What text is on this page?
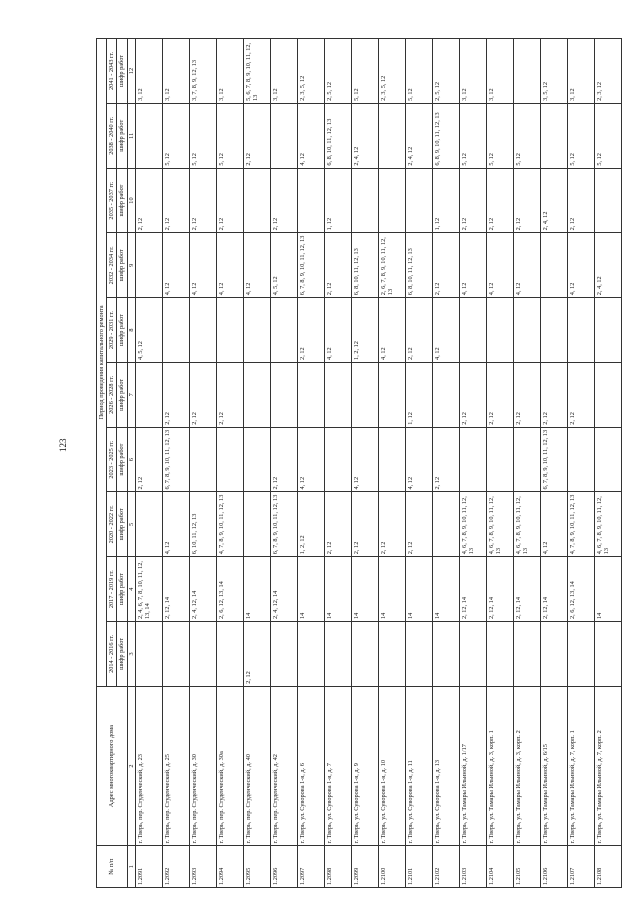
123
№ п/п	Адрес многоквартирного дома	Период проведения капитального ремонта									
		2014 - 2016 гг.	2017 - 2019 гг.	2020 - 2022 гг.	2023 - 2025 гг.	2026 - 2028 гг.	2029 - 2031 гг.	2032 - 2034 гг.	2035 - 2037 гг.	2038 - 2040 гг.	2041 - 2043 гг.
		шифр работ	шифр работ	шифр работ	шифр работ	шифр работ	шифр работ	шифр работ	шифр работ	шифр работ	шифр работ
1	2	3	4	5	6	7	8	9	10	11	12
1.2091	г. Тверь, пер. Студенческий, д. 23		2, 4, 6, 7, 8, 10, 11, 12, 13, 14		2, 12		4, 5, 12		2, 12		3, 12
1.2092	г. Тверь, пер. Студенческий, д. 25		2, 12, 14	4, 12	6, 7, 8, 9, 10, 11, 12, 13	2, 12		4, 12	2, 12	5, 12	3, 12
1.2093	г. Тверь, пер. Студенческий, д. 30		2, 4, 12, 14	6, 10, 11, 12, 13		2, 12		4, 12	2, 12	5, 12	3, 7, 8, 9, 12, 13
1.2094	г. Тверь, пер. Студенческий, д. 30а		2, 6, 12, 13, 14	4, 7, 8, 9, 10, 11, 12, 13		2, 12		4, 12	2, 12	5, 12	3, 12
1.2095	г. Тверь, пер. Студенческий, д. 40	2, 12	14					4, 12		2, 12	5, 6, 7, 8, 9, 10, 11, 12, 13
1.2096	г. Тверь, пер. Студенческий, д. 42		2, 4, 12, 14	6, 7, 8, 9, 10, 11, 12, 13	2, 12			4, 5, 12	2, 12		3, 12
1.2097	г. Тверь, ул. Суворова 1-я, д. 6		14	1, 2, 12	4, 12		2, 12	6, 7, 8, 9, 10, 11, 12, 13		4, 12	2, 3, 5, 12
1.2098	г. Тверь, ул. Суворова 1-я, д. 7		14	2, 12			4, 12	2, 12	1, 12	6, 8, 10, 11, 12, 13	2, 5, 12
1.2099	г. Тверь, ул. Суворова 1-я, д. 9		14	2, 12	4, 12		1, 2, 12	6, 8, 10, 11, 12, 13		2, 4, 12	5, 12
1.2100	г. Тверь, ул. Суворова 1-я, д. 10		14	2, 12			4, 12	2, 6, 7, 8, 9, 10, 11, 12, 13			2, 3, 5, 12
1.2101	г. Тверь, ул. Суворова 1-я, д. 11		14	2, 12	4, 12	1, 12	2, 12	6, 8, 10, 11, 12, 13		2, 4, 12	5, 12
1.2102	г. Тверь, ул. Суворова 1-я, д. 13		14		2, 12		4, 12	2, 12	1, 12	6, 8, 9, 10, 11, 12, 13	2, 5, 12
1.2103	г. Тверь, ул. Тамары Ильиной, д. 1/17		2, 12, 14	4, 6, 7, 8, 9, 10, 11, 12, 13		2, 12		4, 12	2, 12	5, 12	3, 12
1.2104	г. Тверь, ул. Тамары Ильиной, д. 3, корп. 1		2, 12, 14	4, 6, 7, 8, 9, 10, 11, 12, 13		2, 12		4, 12	2, 12	5, 12	3, 12
1.2105	г. Тверь, ул. Тамары Ильиной, д. 3, корп. 2		2, 12, 14	4, 6, 7, 8, 9, 10, 11, 12, 13		2, 12		4, 12	2, 12	5, 12	
1.2106	г. Тверь, ул. Тамары Ильиной, д. 6/15		2, 12, 14	4, 12	6, 7, 8, 9, 10, 11, 12, 13	2, 12			2, 4, 12		3, 5, 12
1.2107	г. Тверь, ул. Тамары Ильиной, д. 7, корп. 1		2, 6, 12, 13, 14	4, 7, 8, 9, 10, 11, 12, 13		2, 12		4, 12	2, 12	5, 12	3, 12
1.2108	г. Тверь, ул. Тамары Ильиной, д. 7, корп. 2		14	4, 6, 7, 8, 9, 10, 11, 12, 13				2, 4, 12		5, 12	2, 3, 12
